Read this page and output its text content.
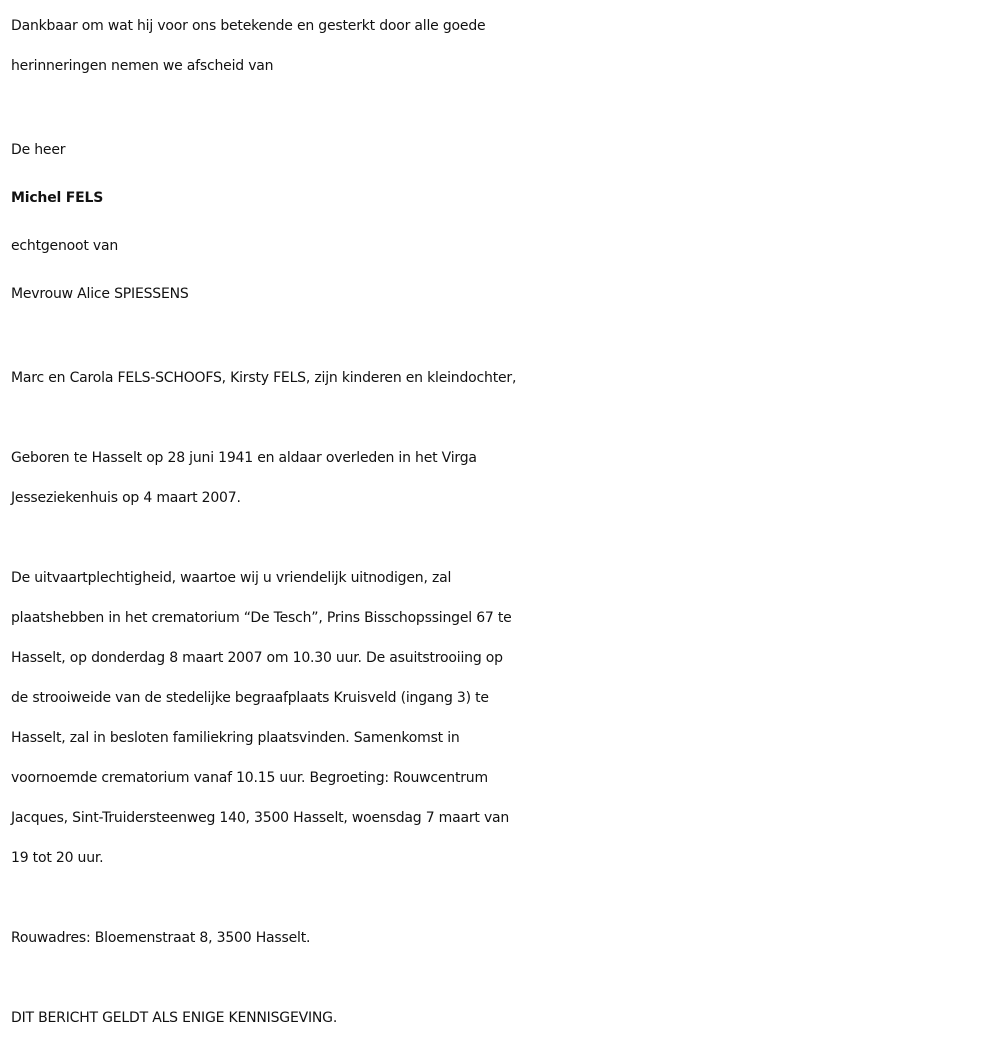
Dankbaar om wat hij voor ons betekende en gesterkt door alle goede

herinneringen nemen we afscheid van

De heer

Michel FELS

echtgenoot van

Mevrouw Alice SPIESSENS

Marc en Carola FELS-SCHOOFS, Kirsty FELS, zijn kinderen en kleindochter,

Geboren te Hasselt op 28 juni 1941 en aldaar overleden in het Virga

Jesseziekenhuis op 4 maart 2007.

De uitvaartplechtigheid, waartoe wij u vriendelijk uitnodigen, zal

plaatshebben in het crematorium “De Tesch”, Prins Bisschopssingel 67 te

Hasselt, op donderdag 8 maart 2007 om 10.30 uur. De asuitstrooiing op

de strooiweide van de stedelijke begraafplaats Kruisveld (ingang 3) te

Hasselt, zal in besloten familiekring plaatsvinden. Samenkomst in

voornoemde crematorium vanaf 10.15 uur. Begroeting: Rouwcentrum

Jacques, Sint-Truidersteenweg 140, 3500 Hasselt, woensdag 7 maart van

19 tot 20 uur.

Rouwadres: Bloemenstraat 8, 3500 Hasselt.

DIT BERICHT GELDT ALS ENIGE KENNISGEVING.
